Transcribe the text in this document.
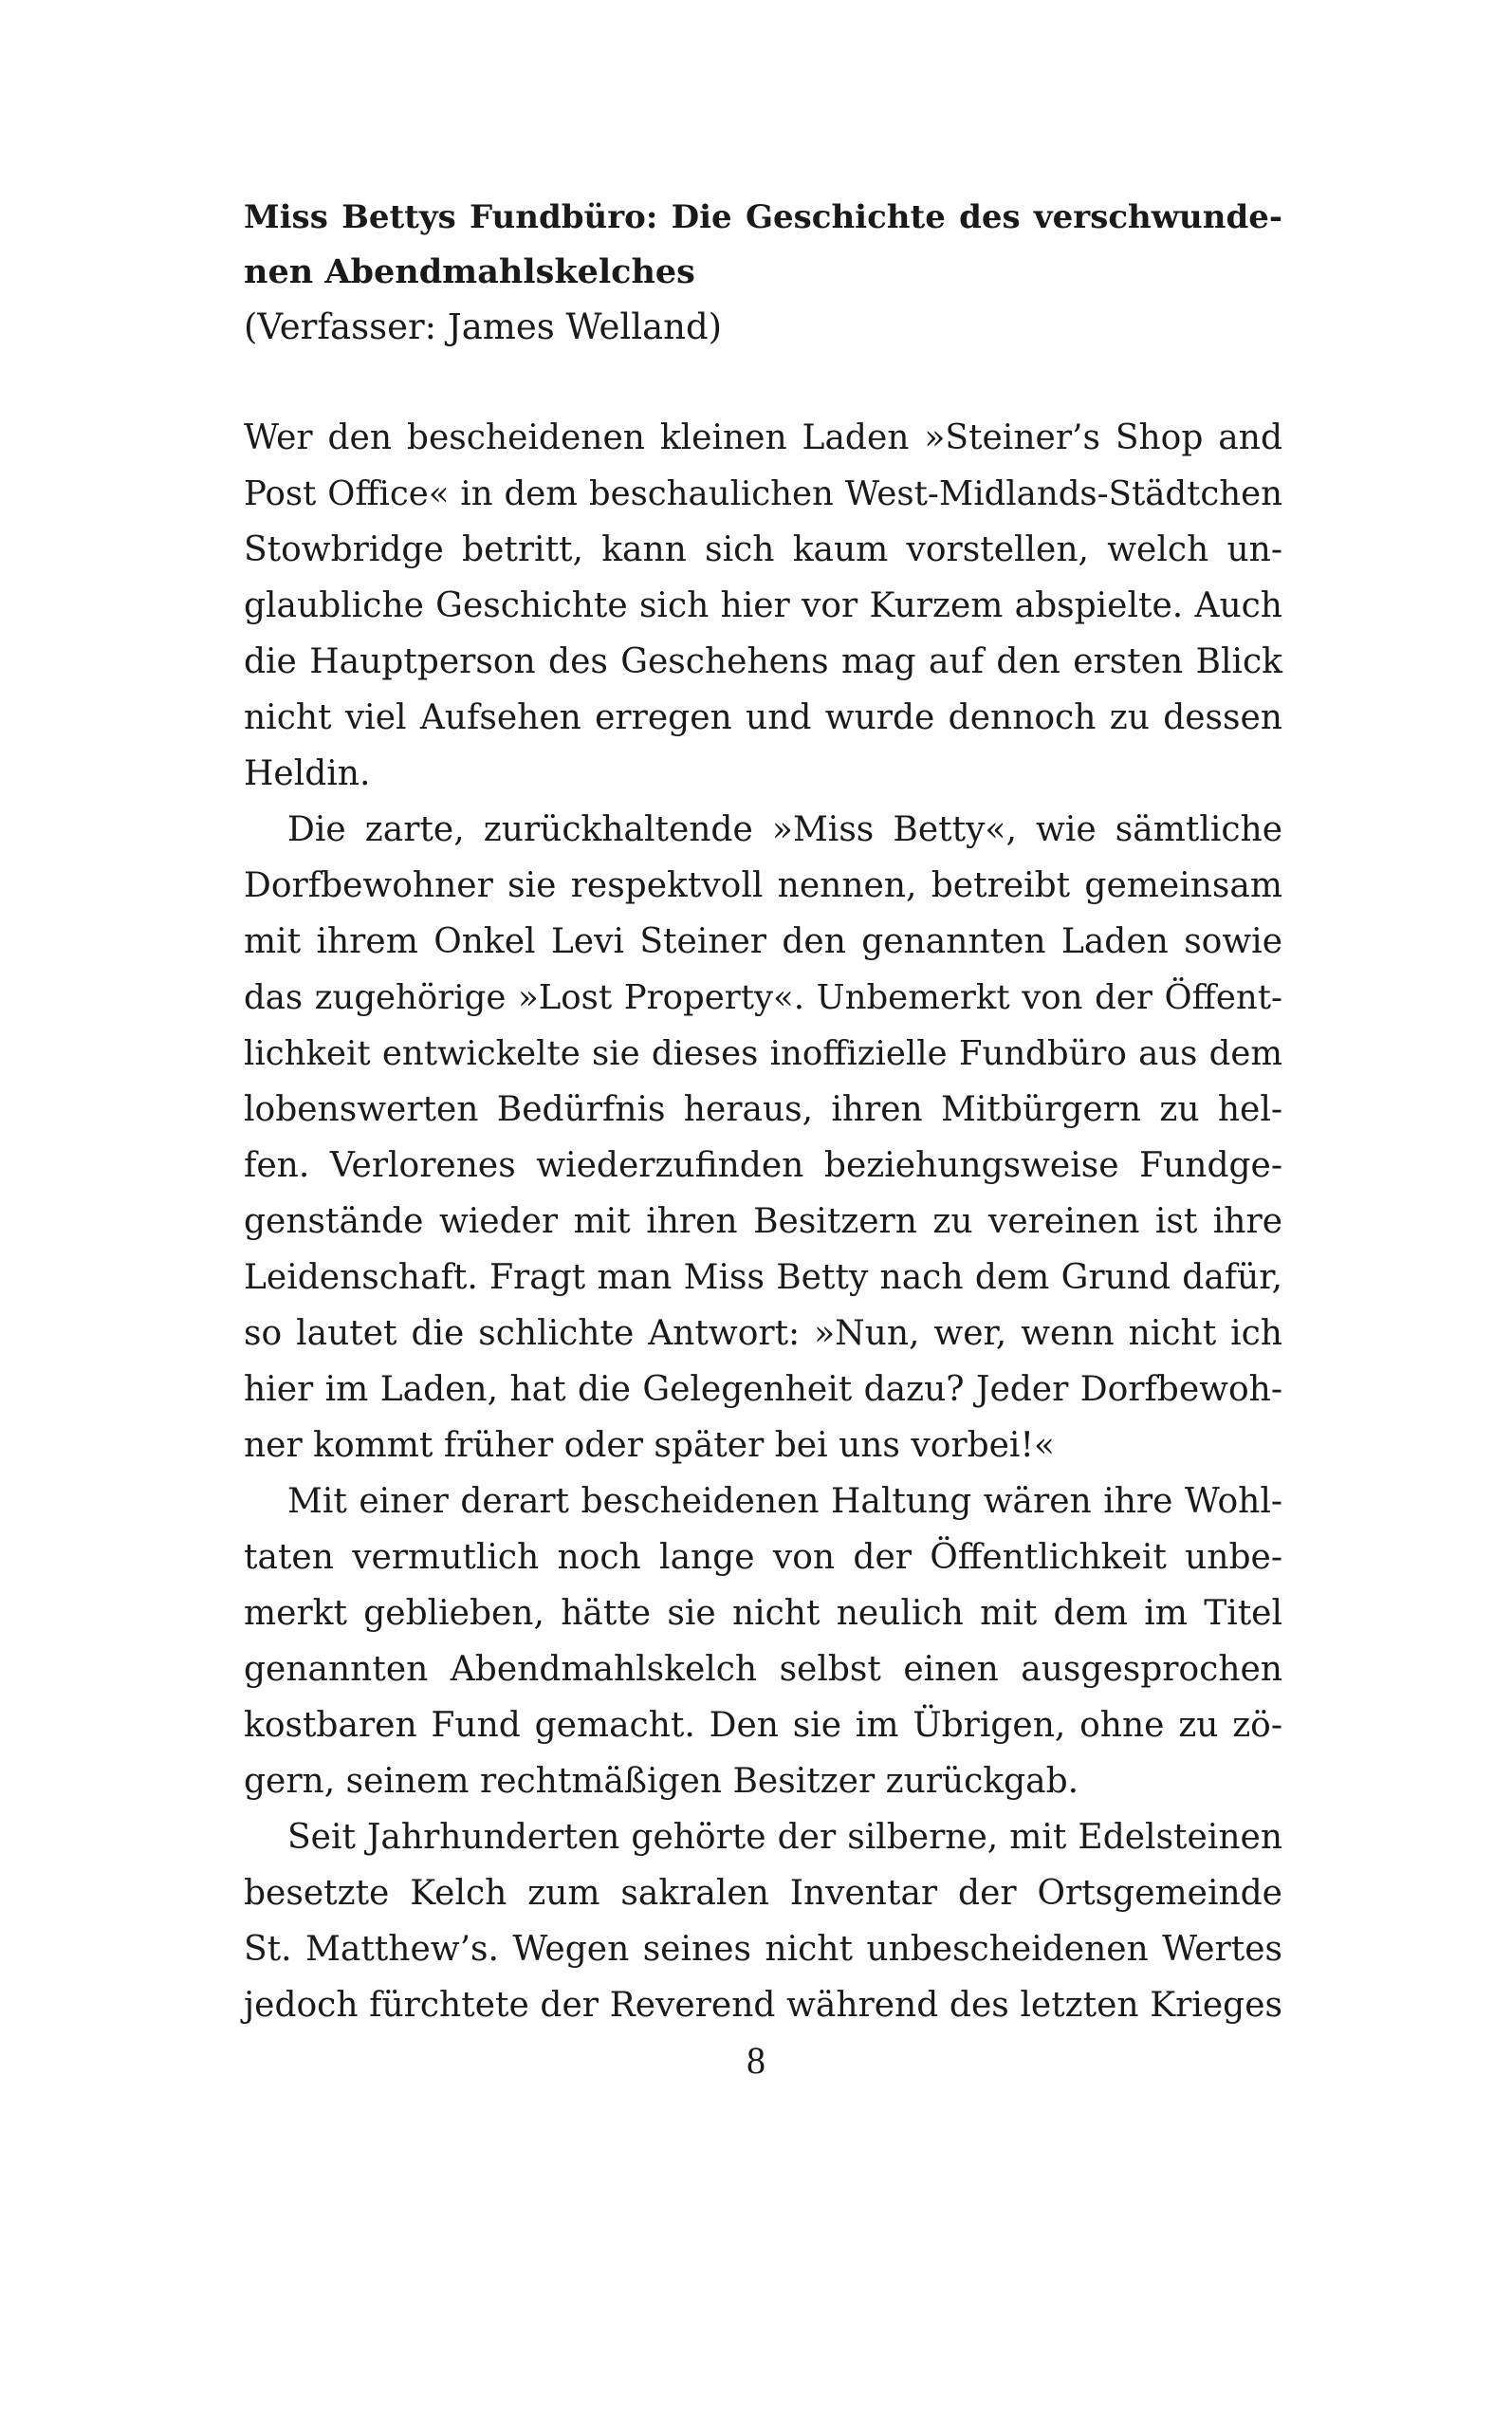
Miss Bettys Fundbüro: Die Geschichte des verschwunde-
nen Abendmahlskelches

(Verfasser: James Welland)

Wer den bescheidenen kleinen Laden »Steiner’s Shop and
Post Office« in dem beschaulichen West-Midlands-Städtchen
Stowbridge betritt, kann sich kaum vorstellen, welch un-
glaubliche Geschichte sich hier vor Kurzem abspielte. Auch
die Hauptperson des Geschehens mag auf den ersten Blick
nicht viel Aufsehen erregen und wurde dennoch zu dessen
Heldin.

Die zarte, zurückhaltende »Miss Betty«, wie sämtliche
Dorfbewohner sie respektvoll nennen, betreibt gemeinsam
mit ihrem Onkel Levi Steiner den genannten Laden sowie
das zugehörige »Lost Property«. Unbemerkt von der Öffent-
lichkeit entwickelte sie dieses inoffizielle Fundbüro aus dem
lobenswerten Bedürfnis heraus, ihren Mitbürgern zu hel-
fen. Verlorenes wiederzufinden beziehungsweise Fundge-
genstände wieder mit ihren Besitzern zu vereinen ist ihre
Leidenschaft. Fragt man Miss Betty nach dem Grund dafür,
so lautet die schlichte Antwort: »Nun, wer, wenn nicht ich
hier im Laden, hat die Gelegenheit dazu? Jeder Dorfbewoh-
ner kommt früher oder später bei uns vorbei!«

Mit einer derart bescheidenen Haltung wären ihre Wohl-
taten vermutlich noch lange von der Öffentlichkeit unbe-
merkt geblieben, hätte sie nicht neulich mit dem im Titel
genannten Abendmahlskelch selbst einen ausgesprochen
kostbaren Fund gemacht. Den sie im Übrigen, ohne zu zö-
gern, seinem rechtmäßigen Besitzer zurückgab.

Seit Jahrhunderten gehörte der silberne, mit Edelsteinen
besetzte Kelch zum sakralen Inventar der Ortsgemeinde
St. Matthew’s. Wegen seines nicht unbescheidenen Wertes
jedoch fürchtete der Reverend während des letzten Krieges

8
